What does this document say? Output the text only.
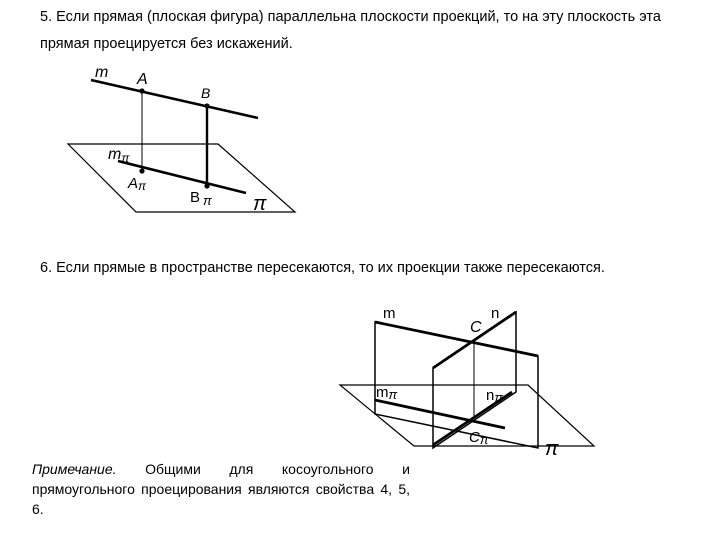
5. Если прямая (плоская фигура) параллельна плоскости проекций, то на эту плоскость эта прямая проецируется без искажений.
m A
B
mπ
Aπ
B π π
m	n
C
mπ	nπ
Cπ	π
6. Если прямые в пространстве пересекаются, то их проекции также пересекаются.
Примечание. Общими для косоугольного и прямоугольного проецирования являются свойства 4, 5, 6.
